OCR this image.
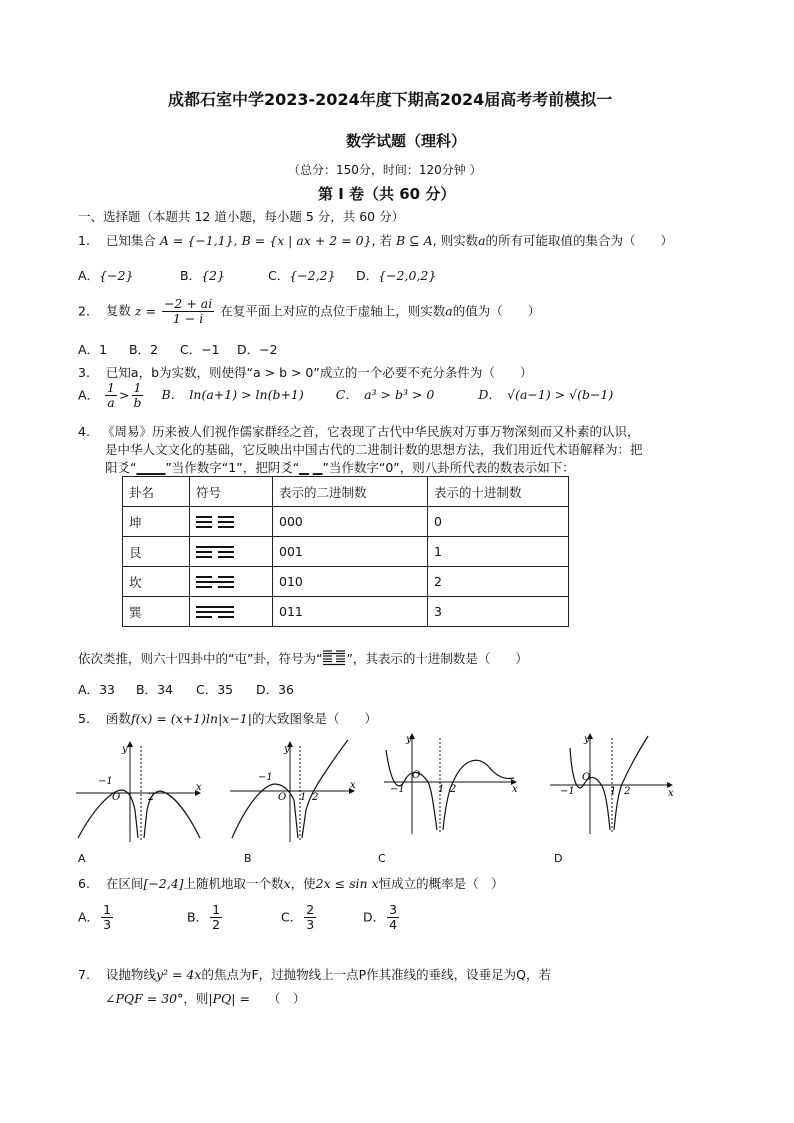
成都石室中学2023-2024年度下期高2024届高考考前模拟一
数学试题（理科）
（总分：150分，时间：120分钟 ）
第 I 卷（共 60 分）
一、选择题（本题共 12 道小题，每小题 5 分，共 60 分）
1. 已知集合 A = {−1,1}, B = {x | ax + 2 = 0}, 若 B ⊆ A, 则实数a的所有可能取值的集合为（　　）
A．{−2}	B．{2}	C．{−2,2} D．{−2,0,2}
2. 复数 $z = \frac{-2 + ai}{1 - i}$ 在复平面上对应的点位于虚轴上，则实数a的值为（　　）
A．1 B．2 C．−1 D．−2
3. 已知a，b为实数，则使得“a > b > 0”成立的一个必要不充分条件为（　　）
A． $\frac{1}{a} > \frac{1}{b}$ B．　ln(a+1) > ln(b+1)	C．　a³ > b³ > 0	D．　√(a−1) > √(b−1)
4. 《周易》历来被人们视作儒家群经之首，它表现了古代中华民族对万事万物深刻而又朴素的认识，
是中华人文文化的基础，它反映出中国古代的二进制计数的思想方法，我们用近代术语解释为：把
阳爻“▁▁▁”当作数字“1”，把阴爻“▁ ▁”当作数字“0”，则八卦所代表的数表示如下：
卦名	符号	表示的二进制数	表示的十进制数
坤		000	0
艮		001	1
坎		010	2
巽		011	3
依次类推，则六十四卦中的“屯”卦，符号为“ ”，其表示的十进制数是（　　）
A．33 B．34 C．35 D．36
5. 函数f(x) = (x+1)ln|x−1|的大致图象是（　　）
y
x
−1
O	2
A
y
x
−1
O 1 2
B
y
x
−1
O
1 2
C
y
x
−1
O
1 2
D
6. 在区间[−2,4]上随机地取一个数x，使2x ≤ sin x恒成立的概率是（　）
A． $\frac{1}{3}$	B． $\frac{1}{2}$	C． $\frac{2}{3}$	D． $\frac{3}{4}$
7. 设抛物线y² = 4x的焦点为F，过抛物线上一点P作其准线的垂线，设垂足为Q，若
∠PQF = 30°，则|PQ| = （　）
